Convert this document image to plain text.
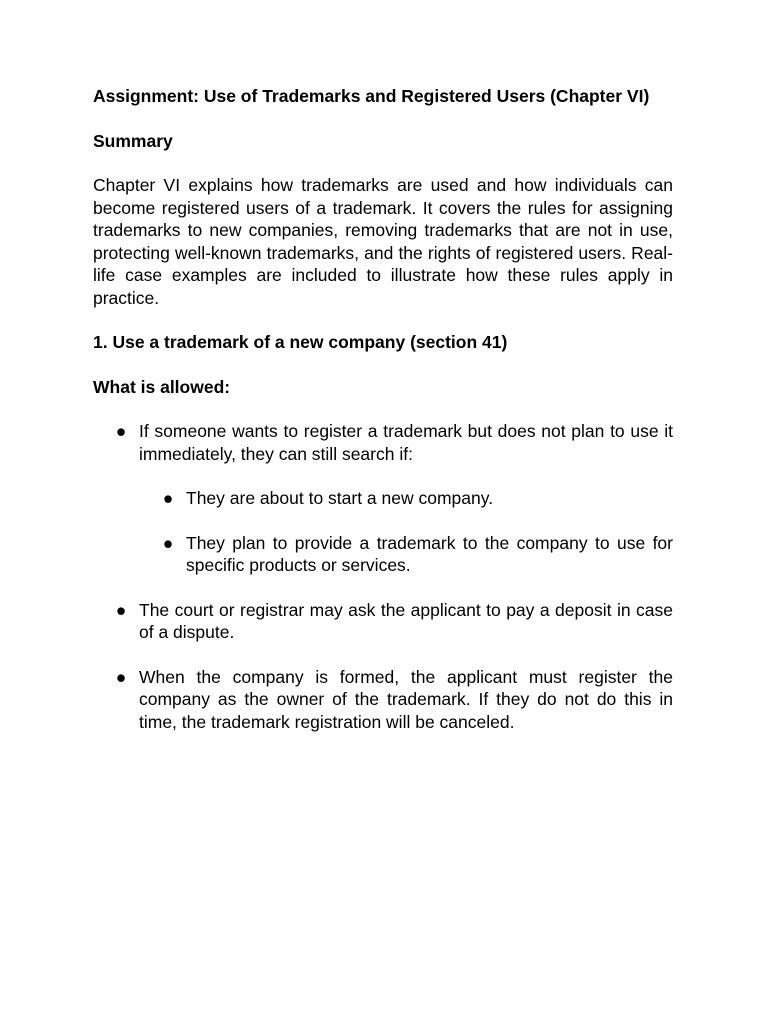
Assignment: Use of Trademarks and Registered Users (Chapter VI)
Summary
Chapter VI explains how trademarks are used and how individuals can become registered users of a trademark. It covers the rules for assigning trademarks to new companies, removing trademarks that are not in use, protecting well-known trademarks, and the rights of registered users. Real-life case examples are included to illustrate how these rules apply in practice.
1. Use a trademark of a new company (section 41)
What is allowed:
● If someone wants to register a trademark but does not plan to use it immediately, they can still search if:
● They are about to start a new company.
● They plan to provide a trademark to the company to use for specific products or services.
● The court or registrar may ask the applicant to pay a deposit in case of a dispute.
● When the company is formed, the applicant must register the company as the owner of the trademark. If they do not do this in time, the trademark registration will be canceled.
